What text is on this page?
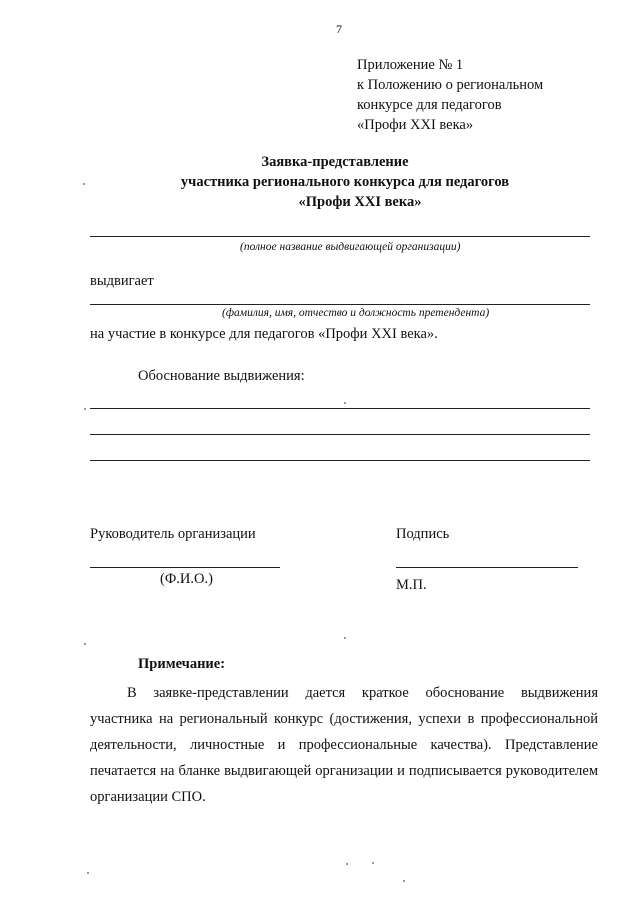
7
Приложение № 1
к Положению о региональном
конкурсе для педагогов
«Профи XXI века»
Заявка-представление
участника регионального конкурса для педагогов
«Профи XXI века»
(полное название выдвигающей организации)
выдвигает
(фамилия, имя, отчество и должность претендента)
на участие в конкурсе для педагогов «Профи XXI века».
Обоснование выдвижения:
Руководитель организации	Подпись
(Ф.И.О.)	М.П.
Примечание:
В заявке-представлении дается краткое обоснование выдвижения участника на региональный конкурс (достижения, успехи в профессиональной деятельности, личностные и профессиональные качества). Представление печатается на бланке выдвигающей организации и подписывается руководителем организации СПО.
